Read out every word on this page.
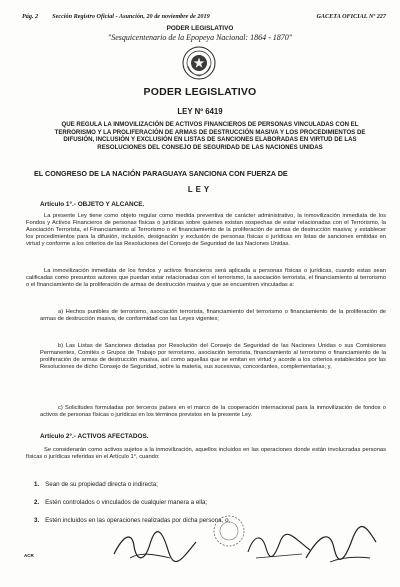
Pág. 2 Sección Registro Oficial - Asunción, 20 de noviembre de 2019	GACETA OFICIAL Nº 227
PODER LEGISLATIVO
"Sesquicentenario de la Epopeya Nacional: 1864 - 1870"
PODER LEGISLATIVO
LEY Nº 6419
QUE REGULA LA INMOVILIZACIÓN DE ACTIVOS FINANCIEROS DE PERSONAS VINCULADAS CON EL TERRORISMO Y LA PROLIFERACIÓN DE ARMAS DE DESTRUCCIÓN MASIVA Y LOS PROCEDIMIENTOS DE DIFUSIÓN, INCLUSIÓN Y EXCLUSIÓN EN LISTAS DE SANCIONES ELABORADAS EN VIRTUD DE LAS RESOLUCIONES DEL CONSEJO DE SEGURIDAD DE LAS NACIONES UNIDAS
EL CONGRESO DE LA NACIÓN PARAGUAYA SANCIONA CON FUERZA DE
LEY
Artículo 1°.- OBJETO Y ALCANCE.

La presente Ley tiene como objeto regular como medida preventiva de carácter administrativo, la inmovilización inmediata de los Fondos y Activos Financieros de personas físicas o jurídicas sobre quienes existan sospechas de estar relacionadas con el Terrorismo, la Asociación Terrorista, el Financiamiento al Terrorismo o el financiamiento de la proliferación de armas de destrucción masiva; y establecer los procedimientos para la difusión, inclusión, designación y exclusión de personas físicas o jurídicas en listas de sanciones emitidas en virtud y conforme a los criterios de las Resoluciones del Consejo de Seguridad de las Naciones Unidas.

La inmovilización inmediata de los fondos y activos financieros será aplicada a personas físicas o jurídicas, cuando estas sean calificadas como presuntos autores que puedan estar relacionadas con el terrorismo, la asociación terrorista, el financiamiento al terrorismo o el financiamiento de la proliferación de armas de destrucción masiva y que se encuentren vinculadas a:

a) Hechos punibles de terrorismo, asociación terrorista, financiamiento del terrorismo o financiamiento de la proliferación de armas de destrucción masiva, de conformidad con las Leyes vigentes;

b) Las Listas de Sanciones dictadas por Resolución del Consejo de Seguridad de las Naciones Unidas o sus Comisiones Permanentes, Comités o Grupos de Trabajo por terrorismo, asociación terrorista, financiamiento al terrorismo o financiamiento de la proliferación de armas de destrucción masiva, así como aquellas que se emitan en virtud y acorde a los criterios establecidos por las Resoluciones de dicho Consejo de Seguridad, sobre la materia, sus sucesivas, concordantes, complementarias; y,

c) Solicitudes formuladas por terceros países en el marco de la cooperación internacional para la inmovilización de fondos o activos de personas físicas o jurídicas en los términos previstos en la presente Ley.

Artículo 2°.- ACTIVOS AFECTADOS.

Se considerarán como activos sujetos a la inmovilización, aquellos incluidos en las operaciones donde están involucradas personas físicas o jurídicas referidas en el Artículo 1°, cuando:

1. Sean de su propiedad directa o indirecta;
2. Estén controlados o vinculados de cualquier manera a ella;
3. Estén incluidos en las operaciones realizadas por dicha persona, o,
ACR
